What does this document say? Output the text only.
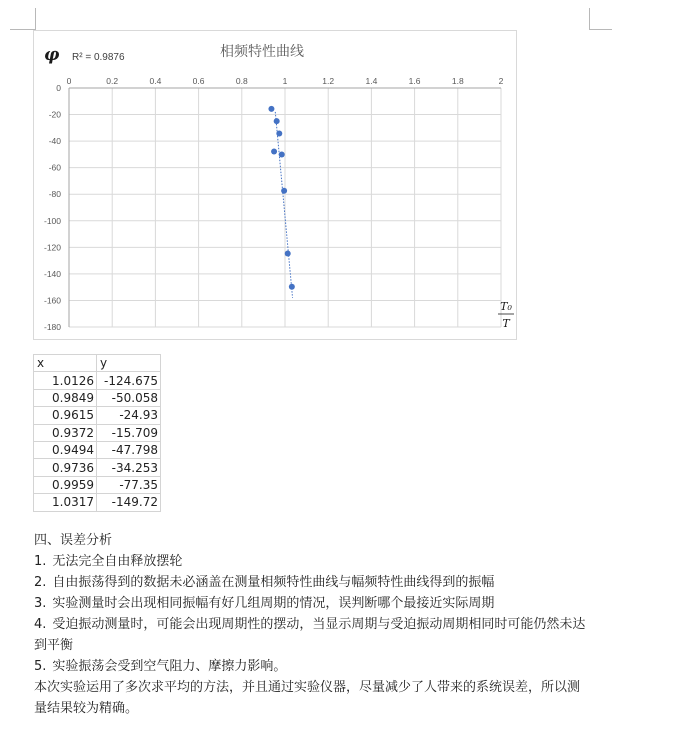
0	0.2	0.4	0.6	0.8	1	1.2	1.4	1.6	1.8	2
0
-20
-40
-60
-80
-100
-120
-140
-160
-180
相频特性曲线
R² = 0.9876
φ
T₀
T
x	y
1.0126	-124.675
0.9849	-50.058
0.9615	-24.93
0.9372	-15.709
0.9494	-47.798
0.9736	-34.253
0.9959	-77.35
1.0317	-149.72

四、误差分析

1. 无法完全自由释放摆轮

2. 自由振荡得到的数据未必涵盖在测量相频特性曲线与幅频特性曲线得到的振幅

3. 实验测量时会出现相同振幅有好几组周期的情况，误判断哪个最接近实际周期

4. 受迫振动测量时，可能会出现周期性的摆动，当显示周期与受迫振动周期相同时可能仍然未达到平衡

5. 实验振荡会受到空气阻力、摩擦力影响。

本次实验运用了多次求平均的方法，并且通过实验仪器，尽量减少了人带来的系统误差，所以测量结果较为精确。
